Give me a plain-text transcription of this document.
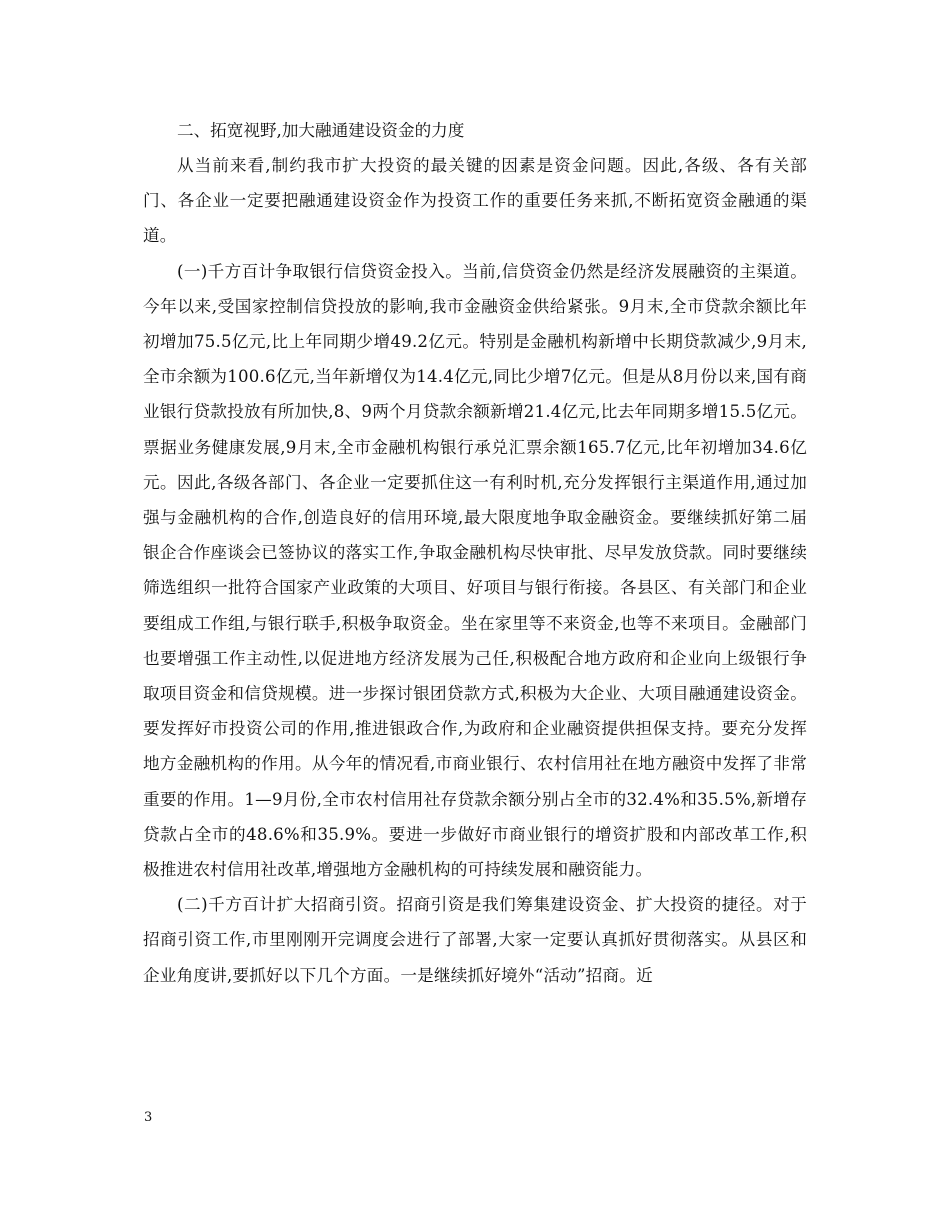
二、拓宽视野,加大融通建设资金的力度

从当前来看,制约我市扩大投资的最关键的因素是资金问题。因此,各级、各有关部门、各企业一定要把融通建设资金作为投资工作的重要任务来抓,不断拓宽资金融通的渠道。

(一)千方百计争取银行信贷资金投入。当前,信贷资金仍然是经济发展融资的主渠道。今年以来,受国家控制信贷投放的影响,我市金融资金供给紧张。9月末,全市贷款余额比年初增加75.5亿元,比上年同期少增49.2亿元。特别是金融机构新增中长期贷款减少,9月末,全市余额为100.6亿元,当年新增仅为14.4亿元,同比少增7亿元。但是从8月份以来,国有商业银行贷款投放有所加快,8、9两个月贷款余额新增21.4亿元,比去年同期多增15.5亿元。票据业务健康发展,9月末,全市金融机构银行承兑汇票余额165.7亿元,比年初增加34.6亿元。因此,各级各部门、各企业一定要抓住这一有利时机,充分发挥银行主渠道作用,通过加强与金融机构的合作,创造良好的信用环境,最大限度地争取金融资金。要继续抓好第二届银企合作座谈会已签协议的落实工作,争取金融机构尽快审批、尽早发放贷款。同时要继续筛选组织一批符合国家产业政策的大项目、好项目与银行衔接。各县区、有关部门和企业要组成工作组,与银行联手,积极争取资金。坐在家里等不来资金,也等不来项目。金融部门也要增强工作主动性,以促进地方经济发展为己任,积极配合地方政府和企业向上级银行争取项目资金和信贷规模。进一步探讨银团贷款方式,积极为大企业、大项目融通建设资金。要发挥好市投资公司的作用,推进银政合作,为政府和企业融资提供担保支持。要充分发挥地方金融机构的作用。从今年的情况看,市商业银行、农村信用社在地方融资中发挥了非常重要的作用。1—9月份,全市农村信用社存贷款余额分别占全市的32.4%和35.5%,新增存贷款占全市的48.6%和35.9%。要进一步做好市商业银行的增资扩股和内部改革工作,积极推进农村信用社改革,增强地方金融机构的可持续发展和融资能力。

(二)千方百计扩大招商引资。招商引资是我们筹集建设资金、扩大投资的捷径。对于招商引资工作,市里刚刚开完调度会进行了部署,大家一定要认真抓好贯彻落实。从县区和企业角度讲,要抓好以下几个方面。一是继续抓好境外“活动”招商。近

3
